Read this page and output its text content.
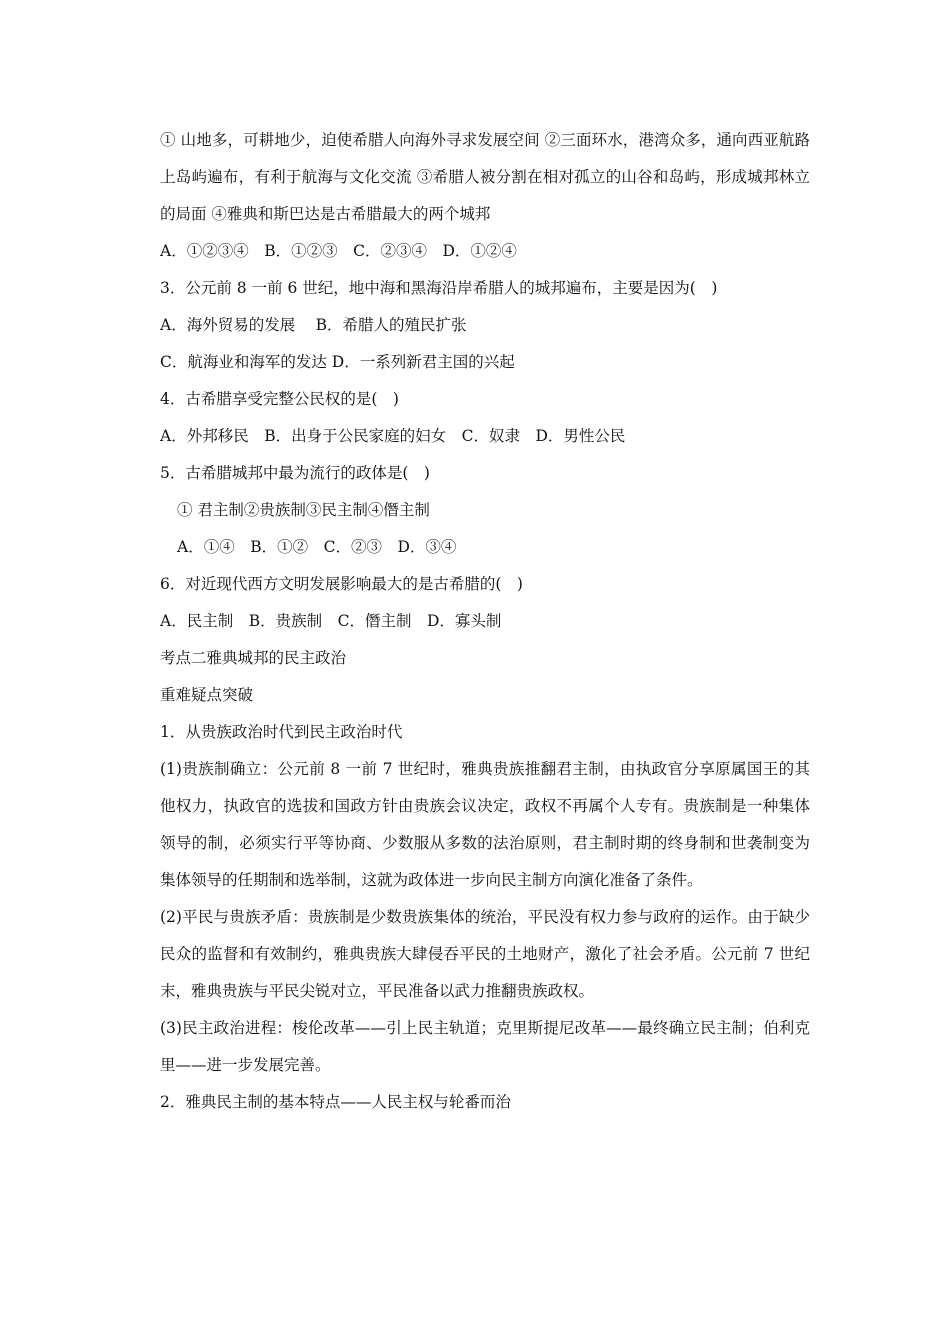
① 山地多，可耕地少，迫使希腊人向海外寻求发展空间 ②三面环水，港湾众多，通向西亚航路上岛屿遍布，有利于航海与文化交流 ③希腊人被分割在相对孤立的山谷和岛屿，形成城邦林立的局面 ④雅典和斯巴达是古希腊最大的两个城邦
A．①②③④　B．①②③　C．②③④　D．①②④
3．公元前 8 一前 6 世纪，地中海和黑海沿岸希腊人的城邦遍布，主要是因为(　)
A．海外贸易的发展　 B．希腊人的殖民扩张
C．航海业和海军的发达 D．一系列新君主国的兴起
4．古希腊享受完整公民权的是(　)
A．外邦移民　B．出身于公民家庭的妇女　C．奴隶　D．男性公民
5．古希腊城邦中最为流行的政体是(　)
① 君主制②贵族制③民主制④僭主制
A．①④　B．①②　C．②③　D．③④
6．对近现代西方文明发展影响最大的是古希腊的(　)
A．民主制　B．贵族制　C．僭主制　D．寡头制
考点二雅典城邦的民主政治
重难疑点突破
1．从贵族政治时代到民主政治时代
(1)贵族制确立：公元前 8 一前 7 世纪时，雅典贵族推翻君主制，由执政官分享原属国王的其他权力，执政官的选拔和国政方针由贵族会议决定，政权不再属个人专有。贵族制是一种集体领导的制，必须实行平等协商、少数服从多数的法治原则，君主制时期的终身制和世袭制变为集体领导的任期制和选举制，这就为政体进一步向民主制方向演化准备了条件。
(2)平民与贵族矛盾：贵族制是少数贵族集体的统治，平民没有权力参与政府的运作。由于缺少民众的监督和有效制约，雅典贵族大肆侵吞平民的土地财产，激化了社会矛盾。公元前 7 世纪末，雅典贵族与平民尖锐对立，平民准备以武力推翻贵族政权。
(3)民主政治进程：梭伦改革——引上民主轨道；克里斯提尼改革——最终确立民主制；伯利克里——进一步发展完善。
2．雅典民主制的基本特点——人民主权与轮番而治
